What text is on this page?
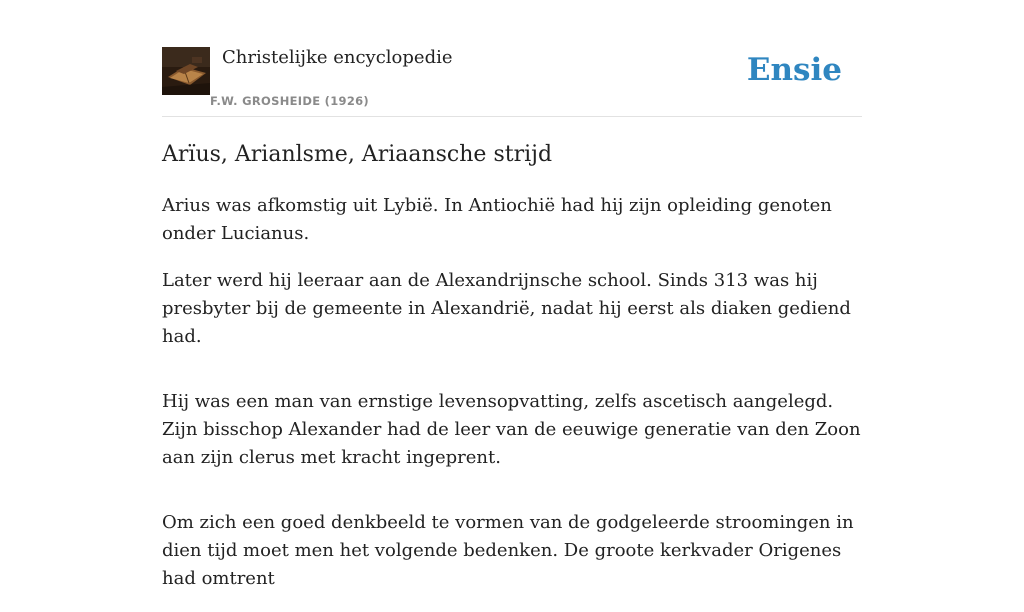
Christelijke encyclopedie
F.W. GROSHEIDE (1926)
Ensie
Arïus, Arianlsme, Ariaansche strijd

Arius was afkomstig uit Lybië. In Antiochië had hij zijn opleiding genoten onder Lucianus.

Later werd hij leeraar aan de Alexandrijnsche school. Sinds 313 was hij presbyter bij de gemeente in Alexandrië, nadat hij eerst als diaken gediend had.

Hij was een man van ernstige levensopvatting, zelfs ascetisch aangelegd. Zijn bisschop Alexander had de leer van de eeuwige generatie van den Zoon aan zijn clerus met kracht ingeprent.

Om zich een goed denkbeeld te vormen van de godgeleerde stroomingen in dien tijd moet men het volgende bedenken. De groote kerkvader Origenes had omtrent
